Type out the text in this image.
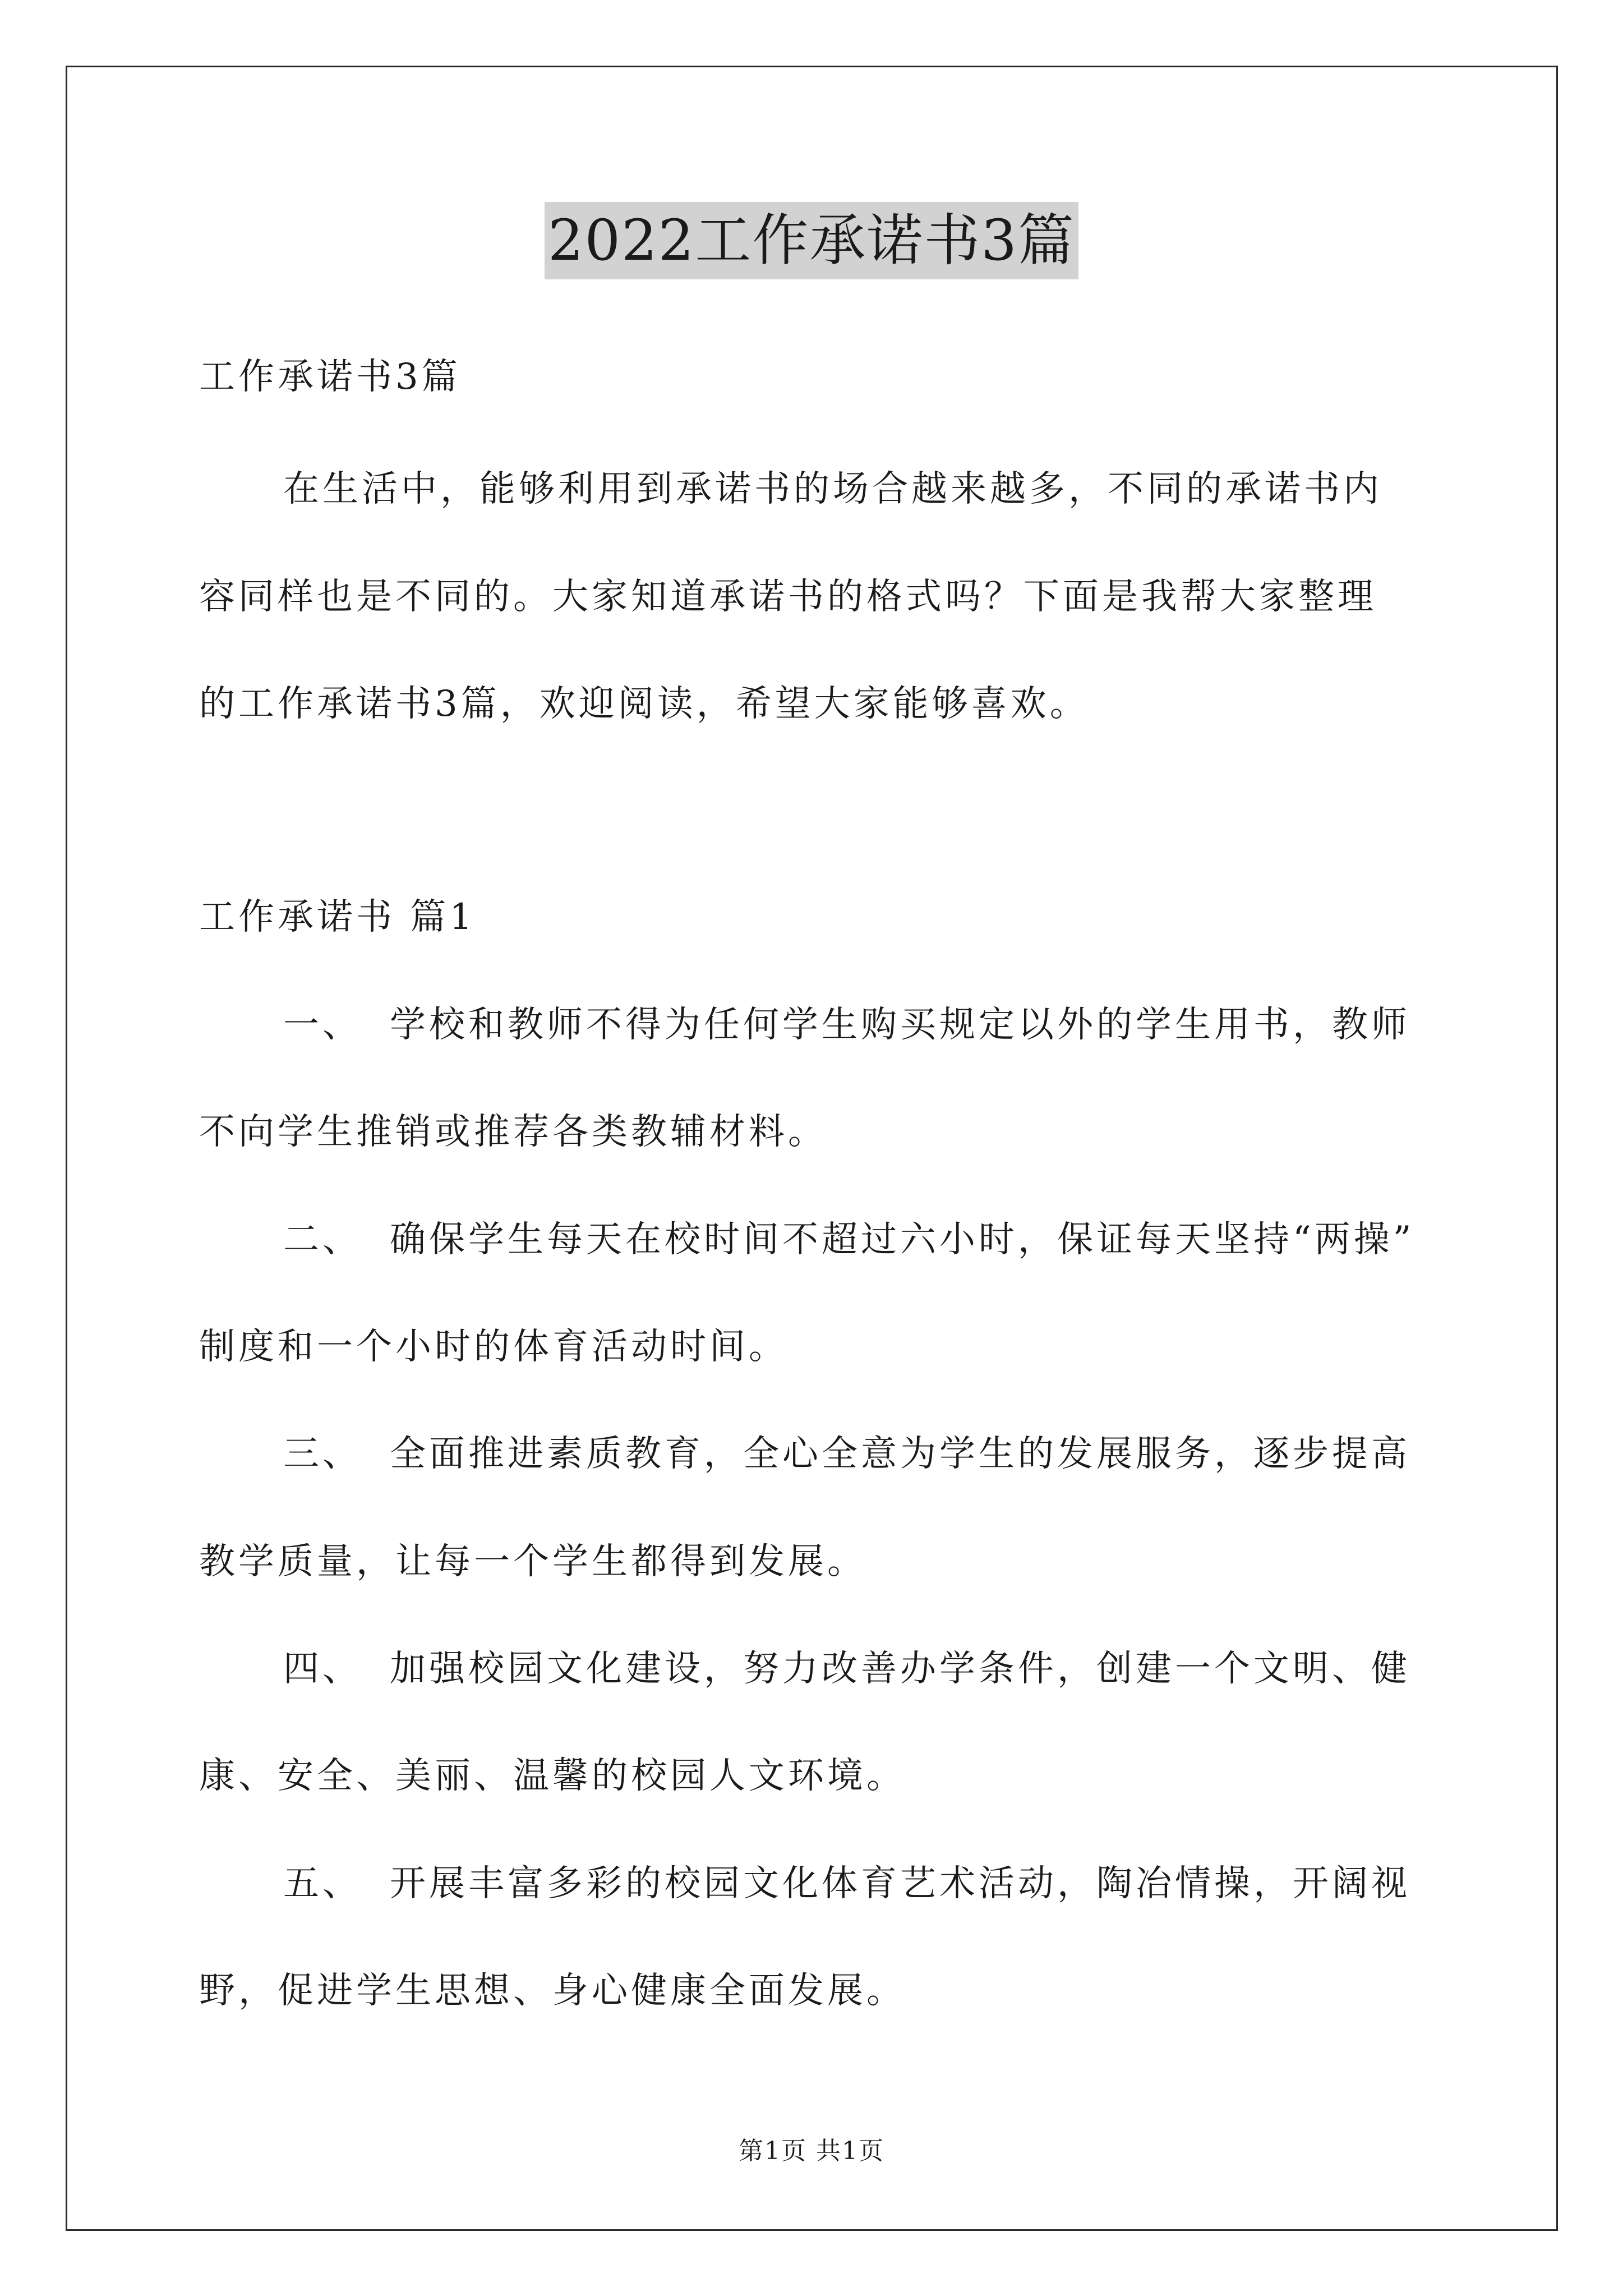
2022工作承诺书3篇
工作承诺书3篇
在生活中，能够利用到承诺书的场合越来越多，不同的承诺书内
容同样也是不同的。大家知道承诺书的格式吗？下面是我帮大家整理
的工作承诺书3篇，欢迎阅读，希望大家能够喜欢。
工作承诺书 篇1
一、 学校和教师不得为任何学生购买规定以外的学生用书，教师
不向学生推销或推荐各类教辅材料。
二、 确保学生每天在校时间不超过六小时，保证每天坚持“两操”
制度和一个小时的体育活动时间。
三、 全面推进素质教育，全心全意为学生的发展服务，逐步提高
教学质量，让每一个学生都得到发展。
四、 加强校园文化建设，努力改善办学条件，创建一个文明、健
康、安全、美丽、温馨的校园人文环境。
五、 开展丰富多彩的校园文化体育艺术活动，陶冶情操，开阔视
野，促进学生思想、身心健康全面发展。
第1页 共1页
